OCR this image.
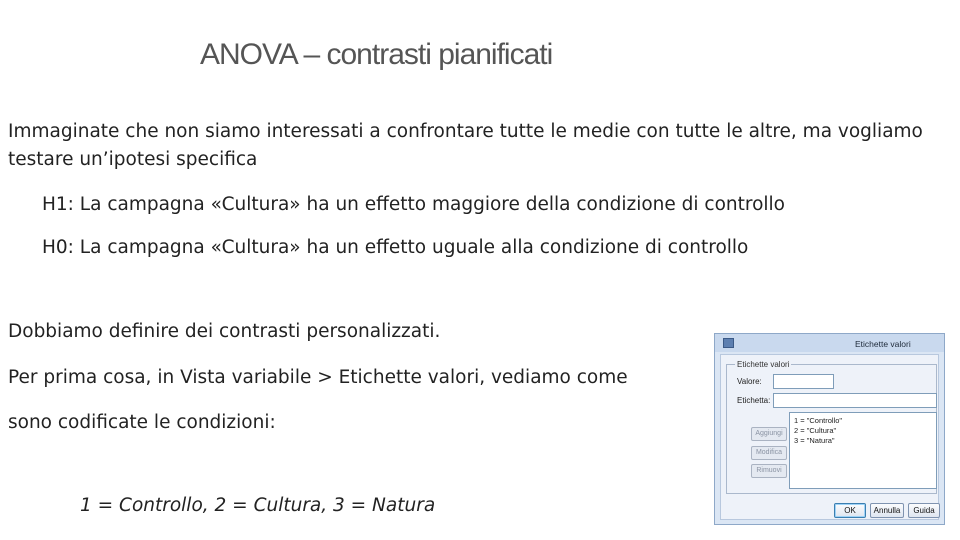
ANOVA – contrasti pianificati
Immaginate che non siamo interessati a confrontare tutte le medie con tutte le altre, ma vogliamo testare un’ipotesi specifica
H1: La campagna «Cultura» ha un effetto maggiore della condizione di controllo
H0: La campagna «Cultura» ha un effetto uguale alla condizione di controllo
Dobbiamo definire dei contrasti personalizzati.
Per prima cosa, in Vista variabile > Etichette valori, vediamo come
sono codificate le condizioni:
1 = Controllo, 2 = Cultura, 3 = Natura
Etichette valori
Etichette valori
Valore:
Etichetta:
Aggiungi
Modifica
Rimuovi
1 = "Controllo"
2 = "Cultura"
3 = "Natura"
OK	Annulla	Guida
